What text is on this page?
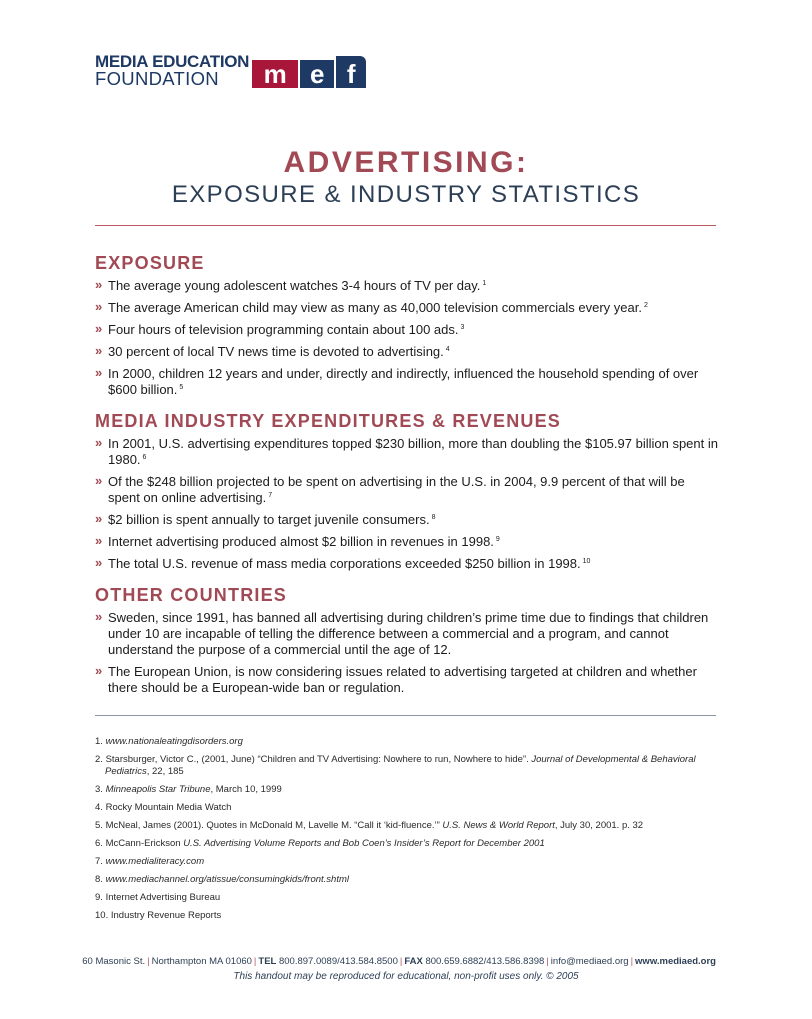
MEDIA EDUCATION
FOUNDATION	m e f
ADVERTISING:
EXPOSURE & INDUSTRY STATISTICS
EXPOSURE
» The average young adolescent watches 3-4 hours of TV per day. $^1$
» The average American child may view as many as 40,000 television commercials every year. $^2$
» Four hours of television programming contain about 100 ads. $^3$
» 30 percent of local TV news time is devoted to advertising. $^4$
» In 2000, children 12 years and under, directly and indirectly, influenced the household spending of over $600 billion. $^5$
MEDIA INDUSTRY EXPENDITURES & REVENUES
» In 2001, U.S. advertising expenditures topped $230 billion, more than doubling the $105.97 billion spent in 1980. $^6$
» Of the $248 billion projected to be spent on advertising in the U.S. in 2004, 9.9 percent of that will be spent on online advertising. $^7$
» $2 billion is spent annually to target juvenile consumers. $^8$
» Internet advertising produced almost $2 billion in revenues in 1998. $^9$
» The total U.S. revenue of mass media corporations exceeded $250 billion in 1998. $^{10}$
OTHER COUNTRIES
» Sweden, since 1991, has banned all advertising during children’s prime time due to findings that children under 10 are incapable of telling the difference between a commercial and a program, and cannot understand the purpose of a commercial until the age of 12.
» The European Union, is now considering issues related to advertising targeted at children and whether there should be a European-wide ban or regulation.
1. www.nationaleatingdisorders.org
2. Starsburger, Victor C., (2001, June) “Children and TV Advertising: Nowhere to run, Nowhere to hide”. Journal of Developmental & Behavioral Pediatrics, 22, 185
3. Minneapolis Star Tribune, March 10, 1999
4. Rocky Mountain Media Watch
5. McNeal, James (2001). Quotes in McDonald M, Lavelle M. “Call it ‘kid-fluence.’” U.S. News & World Report, July 30, 2001. p. 32
6. McCann-Erickson U.S. Advertising Volume Reports and Bob Coen’s Insider’s Report for December 2001
7. www.medialiteracy.com
8. www.mediachannel.org/atissue/consumingkids/front.shtml
9. Internet Advertising Bureau
10. Industry Revenue Reports
60 Masonic St. | Northampton MA 01060 | TEL 800.897.0089/413.584.8500 | FAX 800.659.6882/413.586.8398 | info@mediaed.org | www.mediaed.org
This handout may be reproduced for educational, non-profit uses only. © 2005
